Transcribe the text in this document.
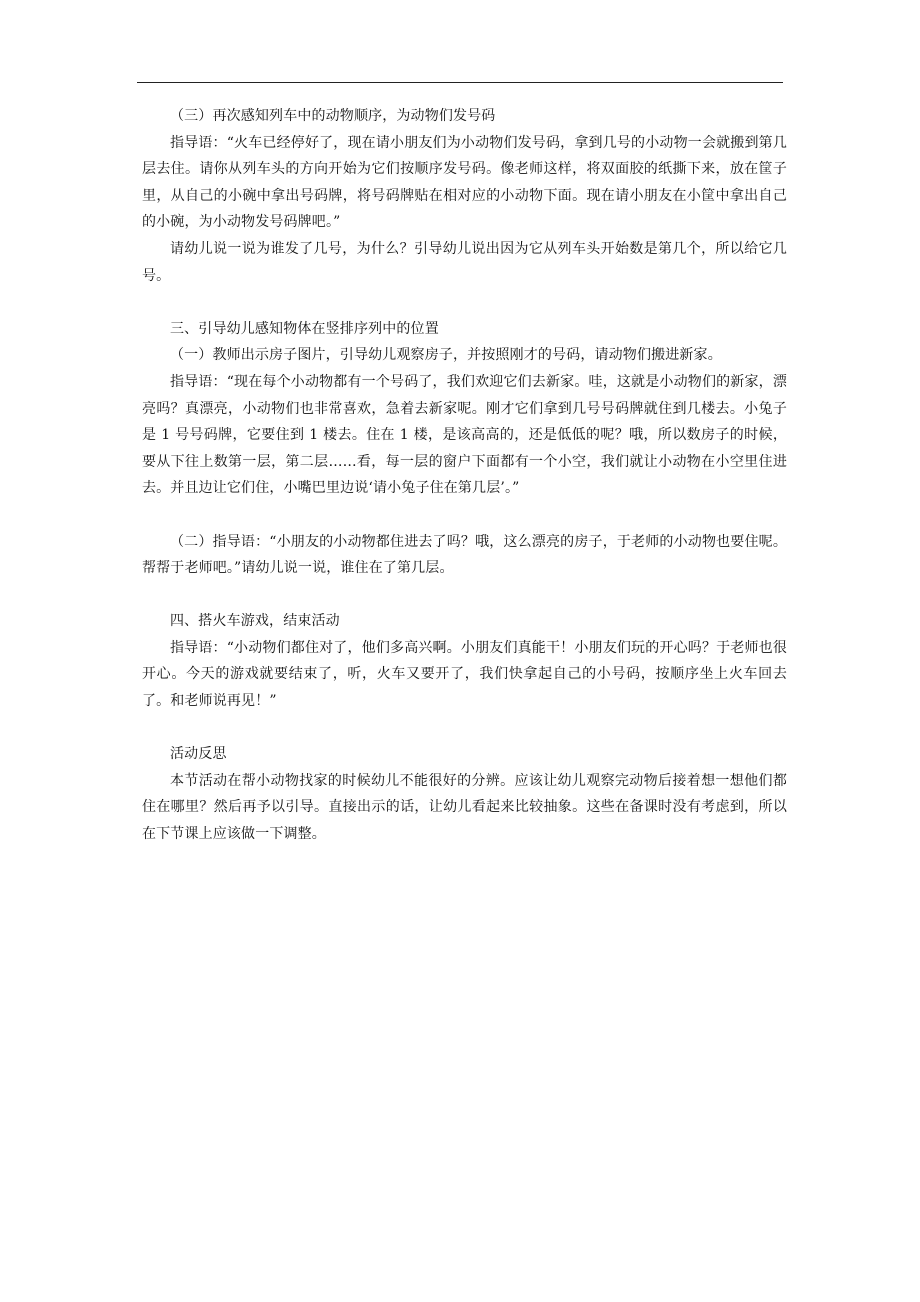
（三）再次感知列车中的动物顺序，为动物们发号码

指导语：“火车已经停好了，现在请小朋友们为小动物们发号码，拿到几号的小动物一会就搬到第几层去住。请你从列车头的方向开始为它们按顺序发号码。像老师这样，将双面胶的纸撕下来，放在筐子里，从自己的小碗中拿出号码牌，将号码牌贴在相对应的小动物下面。现在请小朋友在小筐中拿出自己的小碗，为小动物发号码牌吧。”

请幼儿说一说为谁发了几号，为什么？引导幼儿说出因为它从列车头开始数是第几个，所以给它几号。

三、引导幼儿感知物体在竖排序列中的位置

（一）教师出示房子图片，引导幼儿观察房子，并按照刚才的号码，请动物们搬进新家。

指导语：“现在每个小动物都有一个号码了，我们欢迎它们去新家。哇，这就是小动物们的新家，漂亮吗？真漂亮，小动物们也非常喜欢，急着去新家呢。刚才它们拿到几号号码牌就住到几楼去。小兔子是 1 号号码牌，它要住到 1 楼去。住在 1 楼，是该高高的，还是低低的呢？哦，所以数房子的时候，要从下往上数第一层，第二层……看，每一层的窗户下面都有一个小空，我们就让小动物在小空里住进去。并且边让它们住，小嘴巴里边说‘请小兔子住在第几层’。”

（二）指导语：“小朋友的小动物都住进去了吗？哦，这么漂亮的房子，于老师的小动物也要住呢。帮帮于老师吧。”请幼儿说一说，谁住在了第几层。

四、搭火车游戏，结束活动

指导语：“小动物们都住对了，他们多高兴啊。小朋友们真能干！小朋友们玩的开心吗？于老师也很开心。今天的游戏就要结束了，听，火车又要开了，我们快拿起自己的小号码，按顺序坐上火车回去了。和老师说再见！”

活动反思

本节活动在帮小动物找家的时候幼儿不能很好的分辨。应该让幼儿观察完动物后接着想一想他们都住在哪里？然后再予以引导。直接出示的话，让幼儿看起来比较抽象。这些在备课时没有考虑到，所以在下节课上应该做一下调整。
